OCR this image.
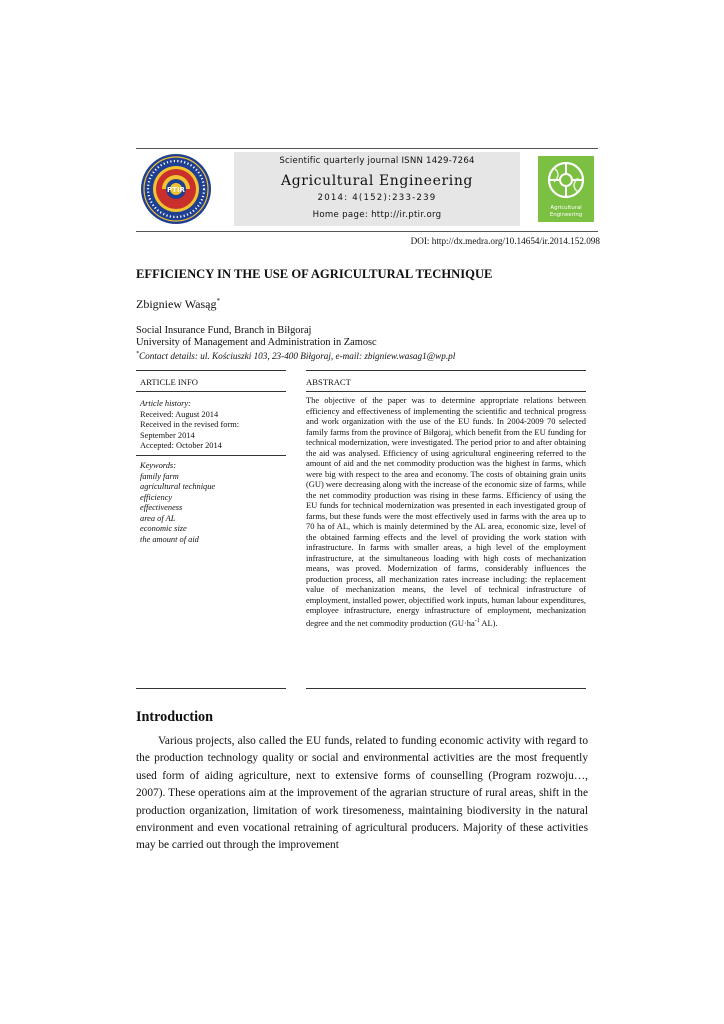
PTIR
Scientific quarterly journal ISNN 1429-7264
Agricultural Engineering
2014: 4(152):233-239
Home page: http://ir.ptir.org
Agricultural Engineering
DOI: http://dx.medra.org/10.14654/ir.2014.152.098
EFFICIENCY IN THE USE OF AGRICULTURAL TECHNIQUE
Zbigniew Wasąg*
Social Insurance Fund, Branch in Biłgoraj
University of Management and Administration in Zamosc
*Contact details: ul. Kościuszki 103, 23-400 Biłgoraj, e-mail: zbigniew.wasag1@wp.pl
ARTICLE INFO	ABSTRACT
Article history:
Received: August 2014
Received in the revised form:
September 2014
Accepted: October 2014
Keywords:
family farm
agricultural technique
efficiency
effectiveness
area of AL
economic size
the amount of aid
The objective of the paper was to determine appropriate relations between efficiency and effectiveness of implementing the scientific and technical progress and work organization with the use of the EU funds. In 2004-2009 70 selected family farms from the province of Biłgoraj, which benefit from the EU funding for technical modernization, were investigated. The period prior to and after obtaining the aid was analysed. Efficiency of using agricultural engineering referred to the amount of aid and the net commodity production was the highest in farms, which were big with respect to the area and economy. The costs of obtaining grain units (GU) were decreasing along with the increase of the economic size of farms, while the net commodity production was rising in these farms. Efficiency of using the EU funds for technical modernization was presented in each investigated group of farms, but these funds were the most effectively used in farms with the area up to 70 ha of AL, which is mainly determined by the AL area, economic size, level of the obtained farming effects and the level of providing the work station with infrastructure. In farms with smaller areas, a high level of the employment infrastructure, at the simultaneous loading with high costs of mechanization means, was proved. Modernization of farms, considerably influences the production process, all mechanization rates increase including: the replacement value of mechanization means, the level of technical infrastructure of employment, installed power, objectified work inputs, human labour expenditures, employee infrastructure, energy infrastructure of employment, mechanization degree and the net commodity production ($GU\cdot ha^{-1}$ AL).
Introduction

Various projects, also called the EU funds, related to funding economic activity with regard to the production technology quality or social and environmental activities are the most frequently used form of aiding agriculture, next to extensive forms of counselling (Program rozwoju…, 2007). These operations aim at the improvement of the agrarian structure of rural areas, shift in the production organization, limitation of work tiresomeness, maintaining biodiversity in the natural environment and even vocational retraining of agricultural producers. Majority of these activities may be carried out through the improvement
